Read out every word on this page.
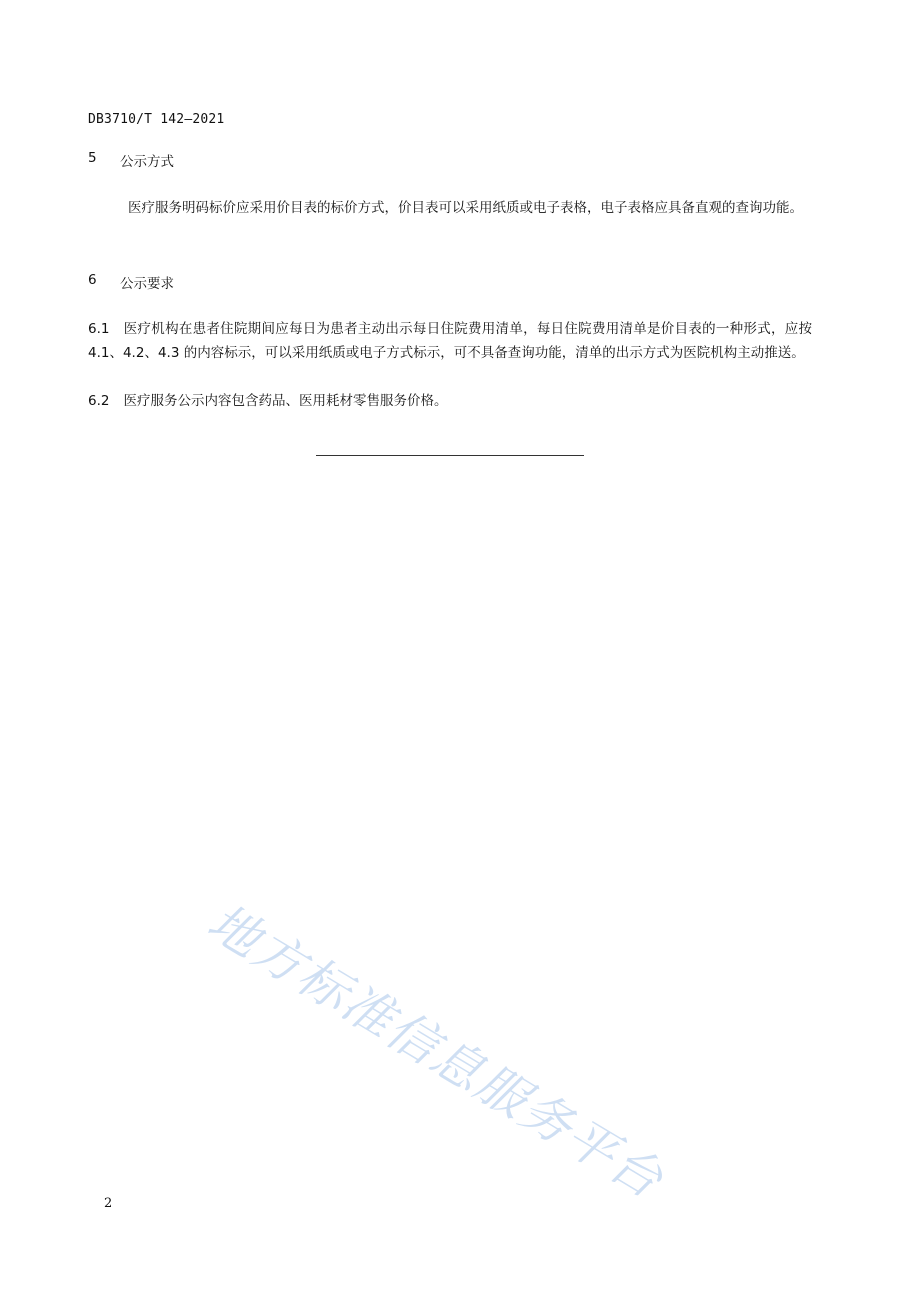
DB3710/T 142—2021
5 公示方式
医疗服务明码标价应采用价目表的标价方式，价目表可以采用纸质或电子表格，电子表格应具备直观的查询功能。
6 公示要求
6.1 医疗机构在患者住院期间应每日为患者主动出示每日住院费用清单，每日住院费用清单是价目表的一种形式，应按 4.1、4.2、4.3 的内容标示，可以采用纸质或电子方式标示，可不具备查询功能，清单的出示方式为医院机构主动推送。
6.2 医疗服务公示内容包含药品、医用耗材零售服务价格。
地方标准信息服务平台
2
